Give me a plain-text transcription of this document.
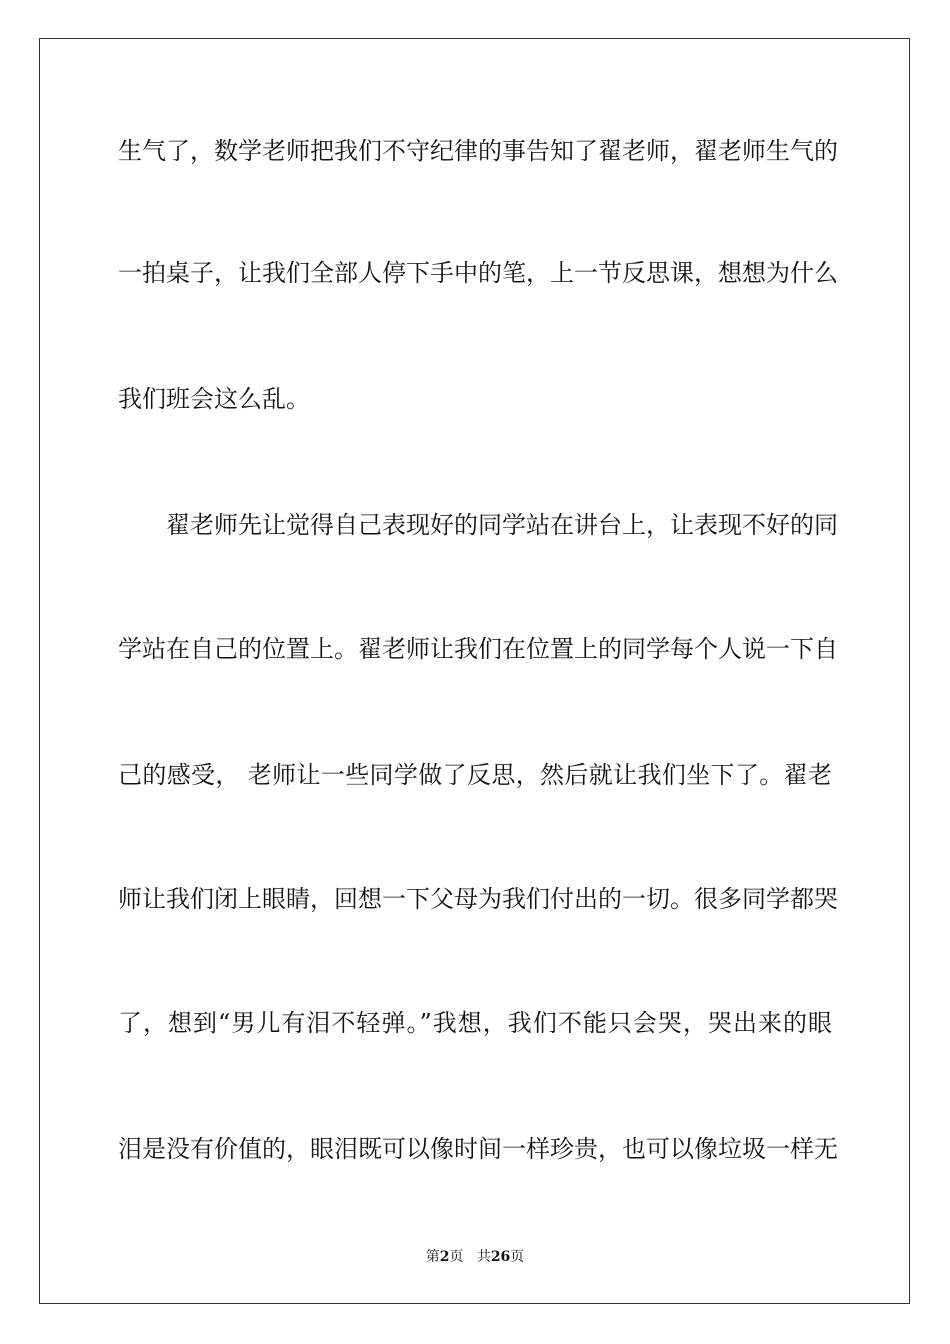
生气了，数学老师把我们不守纪律的事告知了翟老师，翟老师生气的
一拍桌子，让我们全部人停下手中的笔，上一节反思课，想想为什么
我们班会这么乱。
翟老师先让觉得自己表现好的同学站在讲台上，让表现不好的同
学站在自己的位置上。翟老师让我们在位置上的同学每个人说一下自
己的感受， 老师让一些同学做了反思，然后就让我们坐下了。翟老
师让我们闭上眼睛，回想一下父母为我们付出的一切。很多同学都哭
了，想到“男儿有泪不轻弹。”我想，我们不能只会哭，哭出来的眼
泪是没有价值的，眼泪既可以像时间一样珍贵，也可以像垃圾一样无
第2页 共26页
